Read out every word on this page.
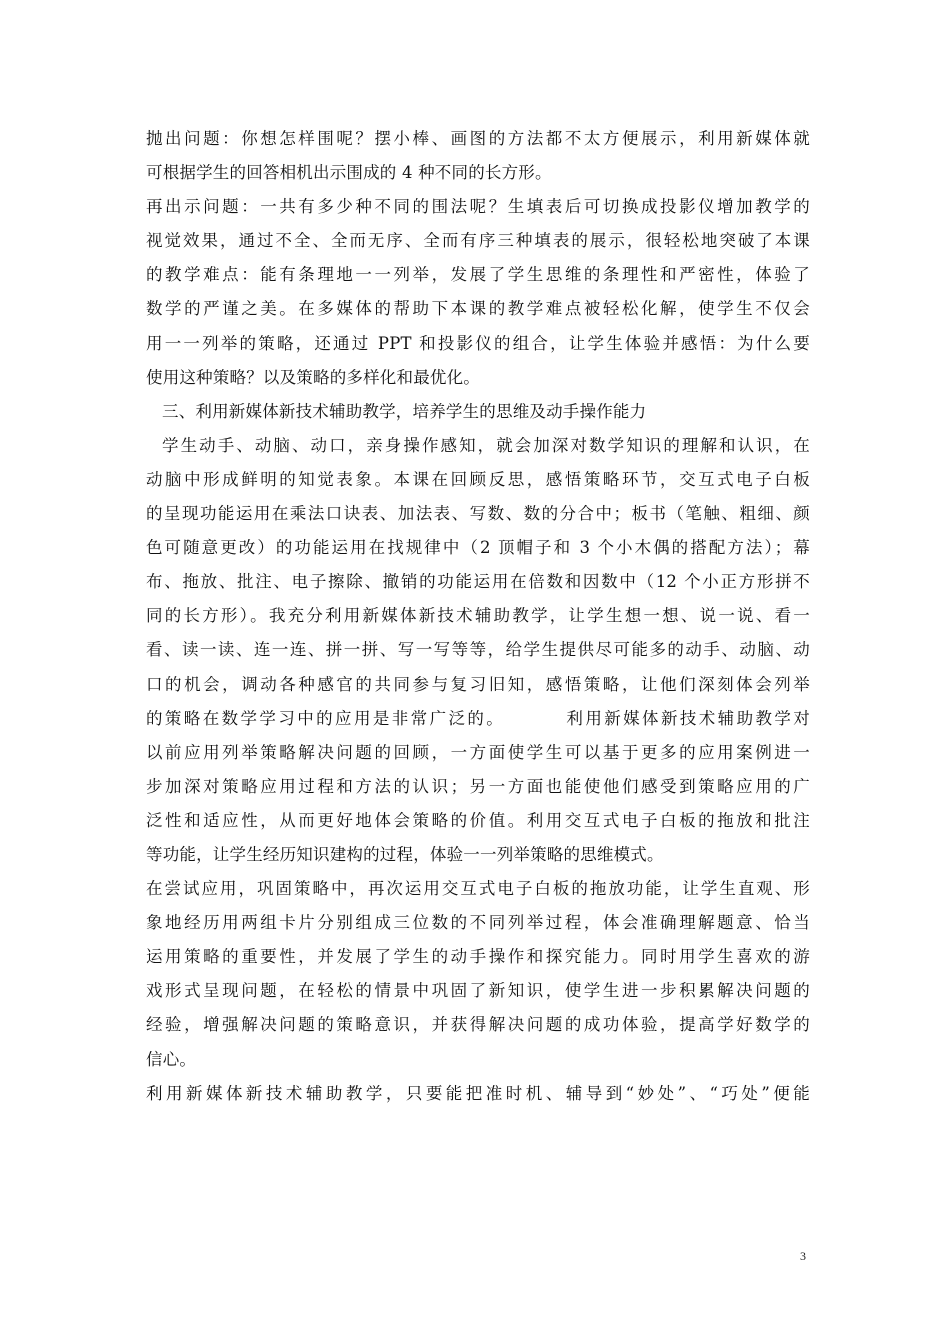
抛出问题：你想怎样围呢？摆小棒、画图的方法都不太方便展示，利用新媒体就
可根据学生的回答相机出示围成的 4 种不同的长方形。
再出示问题：一共有多少种不同的围法呢？生填表后可切换成投影仪增加教学的
视觉效果，通过不全、全而无序、全而有序三种填表的展示，很轻松地突破了本课
的教学难点：能有条理地一一列举，发展了学生思维的条理性和严密性，体验了
数学的严谨之美。在多媒体的帮助下本课的教学难点被轻松化解，使学生不仅会
用一一列举的策略，还通过 PPT 和投影仪的组合，让学生体验并感悟：为什么要
使用这种策略？以及策略的多样化和最优化。
三、利用新媒体新技术辅助教学，培养学生的思维及动手操作能力
学生动手、动脑、动口，亲身操作感知，就会加深对数学知识的理解和认识，在
动脑中形成鲜明的知觉表象。本课在回顾反思，感悟策略环节，交互式电子白板
的呈现功能运用在乘法口诀表、加法表、写数、数的分合中；板书（笔触、粗细、颜
色可随意更改）的功能运用在找规律中（2 顶帽子和 3 个小木偶的搭配方法）；幕
布、拖放、批注、电子擦除、撤销的功能运用在倍数和因数中（12 个小正方形拼不
同的长方形）。我充分利用新媒体新技术辅助教学，让学生想一想、说一说、看一
看、读一读、连一连、拼一拼、写一写等等，给学生提供尽可能多的动手、动脑、动
口的机会，调动各种感官的共同参与复习旧知，感悟策略，让他们深刻体会列举
的策略在数学学习中的应用是非常广泛的。        利用新媒体新技术辅助教学对
以前应用列举策略解决问题的回顾，一方面使学生可以基于更多的应用案例进一
步加深对策略应用过程和方法的认识；另一方面也能使他们感受到策略应用的广
泛性和适应性，从而更好地体会策略的价值。利用交互式电子白板的拖放和批注
等功能，让学生经历知识建构的过程，体验一一列举策略的思维模式。
在尝试应用，巩固策略中，再次运用交互式电子白板的拖放功能，让学生直观、形
象地经历用两组卡片分别组成三位数的不同列举过程，体会准确理解题意、恰当
运用策略的重要性，并发展了学生的动手操作和探究能力。同时用学生喜欢的游
戏形式呈现问题，在轻松的情景中巩固了新知识，使学生进一步积累解决问题的
经验，增强解决问题的策略意识，并获得解决问题的成功体验，提高学好数学的
信心。
利用新媒体新技术辅助教学，只要能把准时机、辅导到“妙处”、“巧处”便能
3
